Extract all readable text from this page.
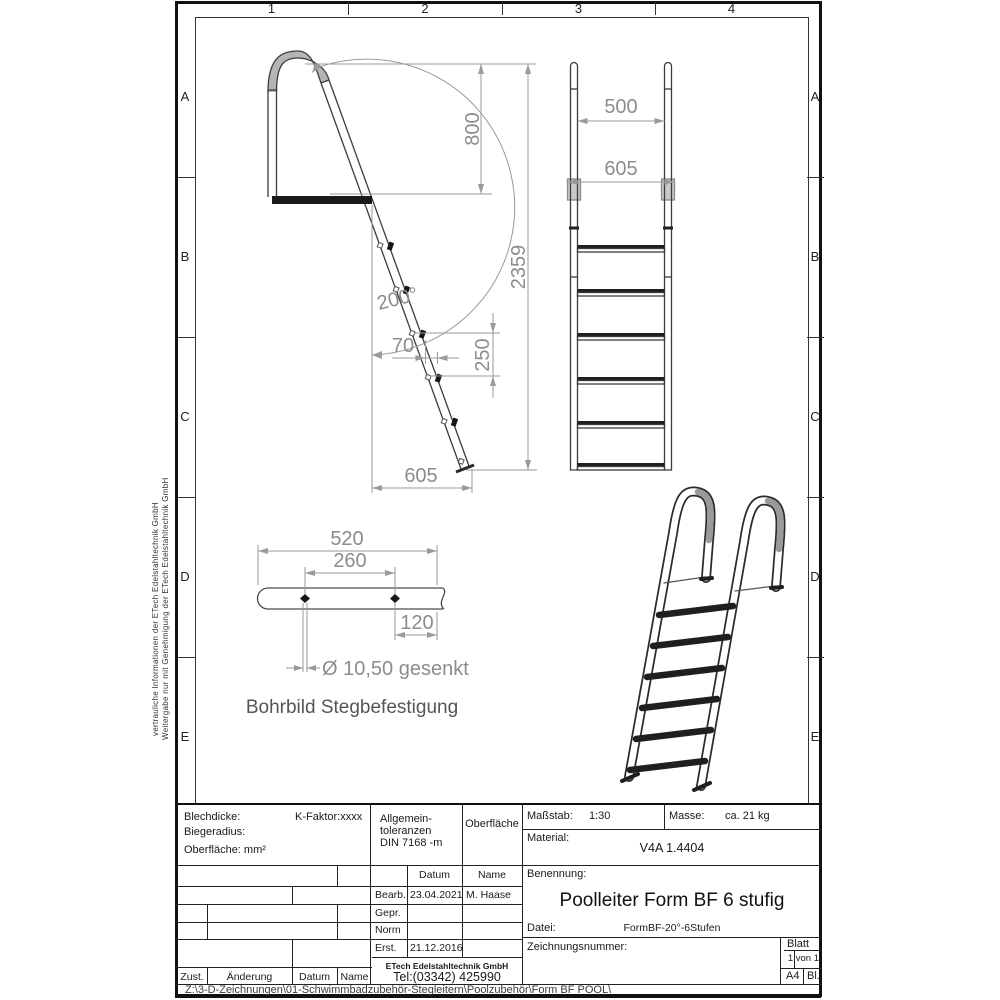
vertrauliche Informationen der ETech Edelstahltechnik GmbH Weitergabe nur mit Genehmigung der ETech Edelstahltechnik GmbH
1	2	3	4
A
B
C
D
E
A
B
C
D
E
800
2359
200°
70	250
605
500
605
520
260
120
Ø 10,50 gesenkt
Bohrbild Stegbefestigung
Blechdicke:	K-Faktor:xxxx
Biegeradius:
Oberfläche: mm²
Allgemein-
toleranzen
DIN 7168 -m
Oberfläche
Maßstab: 1:30	Masse: ca. 21 kg
Material:
V4A 1.4404
Datum	Name
Bearb. 23.04.2021 M. Haase
Gepr.
Norm
Erst. 21.12.2016
ETech Edelstahltechnik GmbH
Tel:(03342) 425990
Benennung:
Poolleiter Form BF 6 stufig
Datei:	FormBF-20°-6Stufen
Zeichnungsnummer:	Blatt
1 von 1
A4 Bl.
Zust.	Änderung	Datum	Name
Z:\3-D-Zeichnungen\01-Schwimmbadzubehör-Stegleitern\Poolzubehör\Form BF POOL\
